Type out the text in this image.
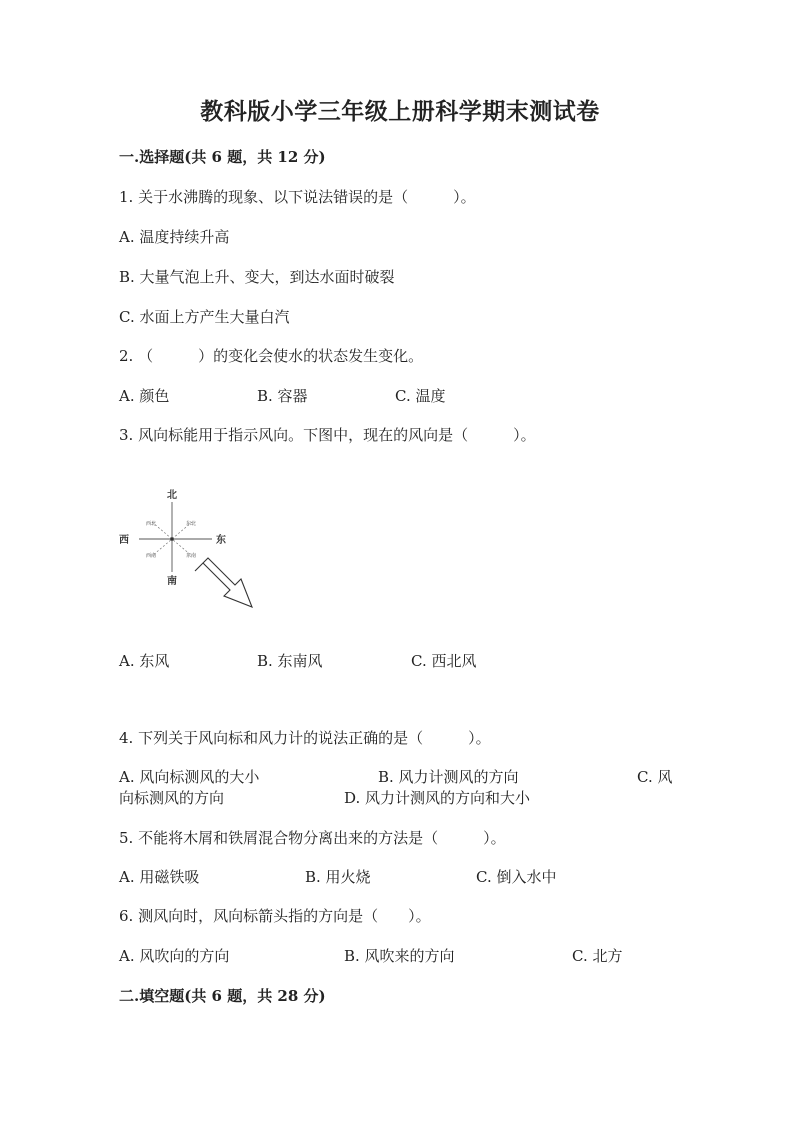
教科版小学三年级上册科学期末测试卷
一.选择题(共 6 题，共 12 分)
1. 关于水沸腾的现象、以下说法错误的是（　　　）。
A. 温度持续升高
B. 大量气泡上升、变大，到达水面时破裂
C. 水面上方产生大量白汽
2. （　　　）的变化会使水的状态发生变化。
A. 颜色	B. 容器	C. 温度
3. 风向标能用于指示风向。下图中，现在的风向是（　　　）。
北
南
东
西
西北	东北
西南	东南
A. 东风	B. 东南风	C. 西北风
4. 下列关于风向标和风力计的说法正确的是（　　　）。
A. 风向标测风的大小	B. 风力计测风的方向	C. 风
向标测风的方向	D. 风力计测风的方向和大小
5. 不能将木屑和铁屑混合物分离出来的方法是（　　　）。
A. 用磁铁吸	B. 用火烧	C. 倒入水中
6. 测风向时，风向标箭头指的方向是（　　）。
A. 风吹向的方向	B. 风吹来的方向	C. 北方
二.填空题(共 6 题，共 28 分)
